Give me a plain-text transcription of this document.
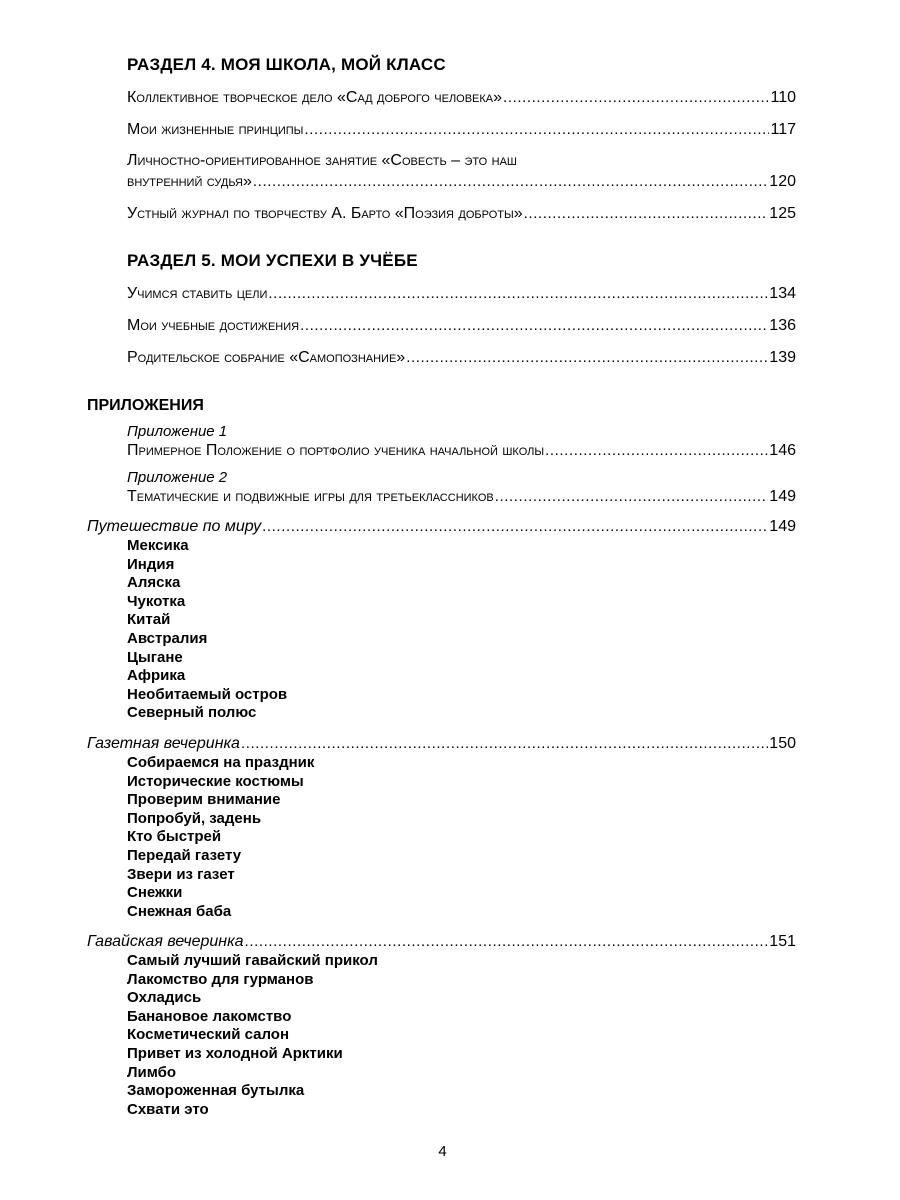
РАЗДЕЛ 4. МОЯ ШКОЛА, МОЙ КЛАСС
Коллективное творческое дело «Сад доброго человека» .....	110
Мои жизненные принципы .....	117
Личностно-ориентированное занятие «Совесть – это наш
внутренний судья» .....	120
Устный журнал по творчеству А. Барто «Поэзия доброты» .....	125
РАЗДЕЛ 5. МОИ УСПЕХИ В УЧЁБЕ
Учимся ставить цели .....	134
Мои учебные достижения .....	136
Родительское собрание «Самопознание» .....	139
ПРИЛОЖЕНИЯ
Приложение 1
Примерное Положение о портфолио ученика начальной школы .....	146
Приложение 2
Тематические и подвижные игры для третьеклассников .....	149
Путешествие по миру .....	149
Мексика
Индия
Аляска
Чукотка
Китай
Австралия
Цыгане
Африка
Необитаемый остров
Северный полюс
Газетная вечеринка .....	150
Собираемся на праздник
Исторические костюмы
Проверим внимание
Попробуй, задень
Кто быстрей
Передай газету
Звери из газет
Снежки
Снежная баба
Гавайская вечеринка .....	151
Самый лучший гавайский прикол
Лакомство для гурманов
Охладись
Банановое лакомство
Косметический салон
Привет из холодной Арктики
Лимбо
Замороженная бутылка
Схвати это
4
